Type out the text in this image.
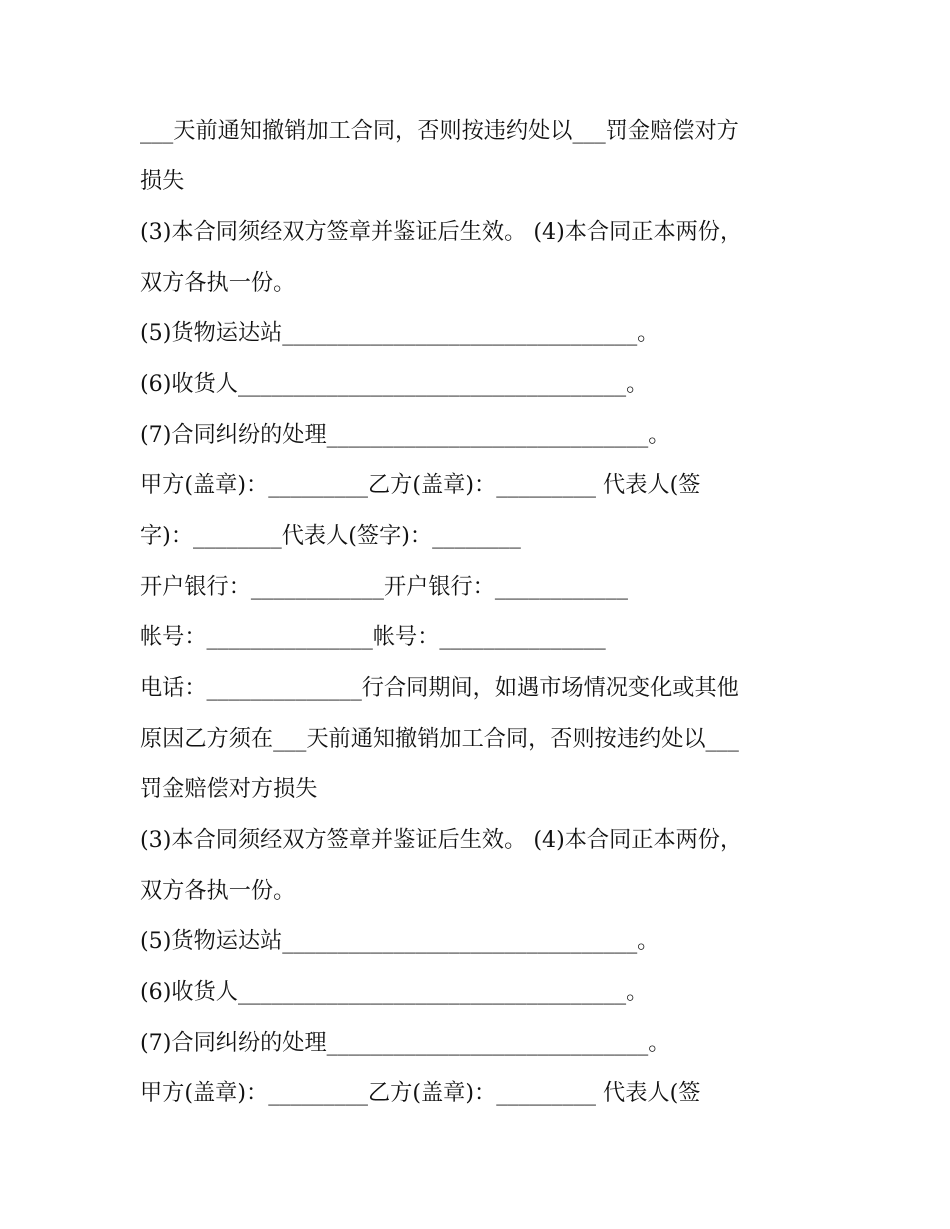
___天前通知撤销加工合同，否则按违约处以___罚金赔偿对方
损失
(3)本合同须经双方签章并鉴证后生效。 (4)本合同正本两份，
双方各执一份。
(5)货物运达站________________________________。
(6)收货人___________________________________。
(7)合同纠纷的处理_____________________________。
甲方(盖章)：_________乙方(盖章)：_________ 代表人(签
字)：________代表人(签字)：________
开户银行：____________开户银行：____________
帐号：_______________帐号：_______________
电话：______________行合同期间，如遇市场情况变化或其他
原因乙方须在___天前通知撤销加工合同，否则按违约处以___
罚金赔偿对方损失
(3)本合同须经双方签章并鉴证后生效。 (4)本合同正本两份，
双方各执一份。
(5)货物运达站________________________________。
(6)收货人___________________________________。
(7)合同纠纷的处理_____________________________。
甲方(盖章)：_________乙方(盖章)：_________ 代表人(签
